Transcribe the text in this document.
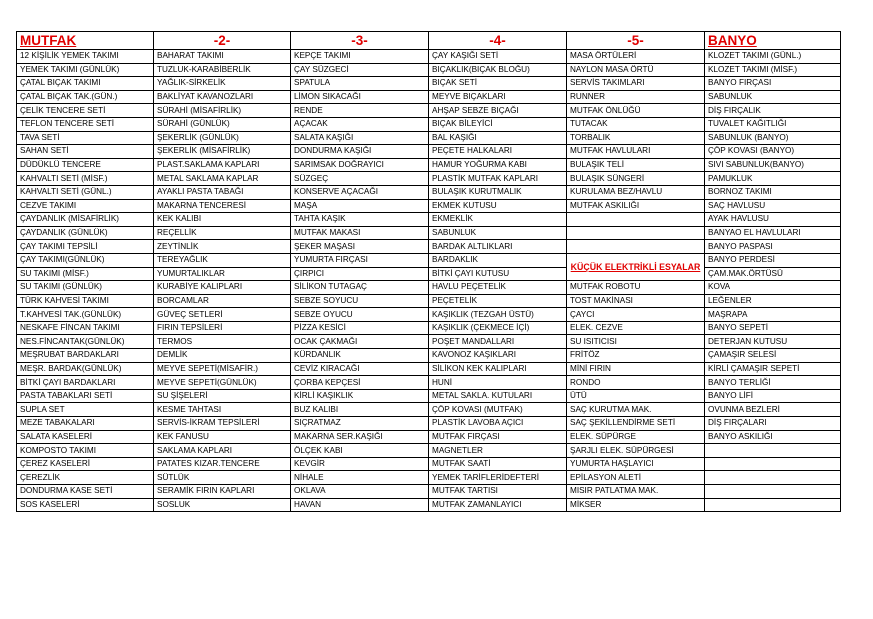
MUTFAK	-2-	-3-	-4-	-5-	BANYO
12 KİŞİLİK YEMEK TAKIMI	BAHARAT TAKIMI	KEPÇE TAKIMI	ÇAY KAŞIĞI SETİ	MASA ÖRTÜLERİ	KLOZET TAKIMI (GÜNL.)
YEMEK TAKIMI (GÜNLÜK)	TUZLUK-KARABİBERLİK	ÇAY SÜZGECİ	BIÇAKLIK(BIÇAK BLOĞU)	NAYLON MASA ÖRTÜ	KLOZET TAKIMI (MİSF.)
ÇATAL BIÇAK TAKIMI	YAĞLIK-SİRKELİK	SPATULA	BIÇAK SETİ	SERVİS TAKIMLARI	BANYO FIRÇASI
ÇATAL BIÇAK TAK.(GÜN.)	BAKLİYAT KAVANOZLARI	LİMON SIKACAĞI	MEYVE BIÇAKLARI	RUNNER	SABUNLUK
ÇELİK TENCERE SETİ	SÜRAHİ (MİSAFİRLİK)	RENDE	AHŞAP SEBZE BIÇAĞI	MUTFAK ÖNLÜĞÜ	DİŞ FIRÇALIK
TEFLON TENCERE SETİ	SÜRAHİ (GÜNLÜK)	AÇACAK	BIÇAK BİLEYİCİ	TUTACAK	TUVALET KAĞITLIĞI
TAVA SETİ	ŞEKERLİK (GÜNLÜK)	SALATA KAŞIĞI	BAL KAŞIĞI	TORBALIK	SABUNLUK (BANYO)
SAHAN SETİ	ŞEKERLİK (MİSAFİRLİK)	DONDURMA KAŞIĞI	PEÇETE HALKALARI	MUTFAK HAVLULARI	ÇÖP KOVASI (BANYO)
DÜDÜKLÜ TENCERE	PLAST.SAKLAMA KAPLARI	SARIMSAK DOĞRAYICI	HAMUR YOĞURMA KABI	BULAŞIK TELİ	SIVI SABUNLUK(BANYO)
KAHVALTI SETİ (MİSF.)	METAL SAKLAMA KAPLAR	SÜZGEÇ	PLASTİK MUTFAK KAPLARI	BULAŞIK SÜNGERİ	PAMUKLUK
KAHVALTI SETİ (GÜNL.)	AYAKLI PASTA TABAĞI	KONSERVE AÇACAĞI	BULAŞIK KURUTMALIK	KURULAMA BEZ/HAVLU	BORNOZ TAKIMI
CEZVE TAKIMI	MAKARNA TENCERESİ	MAŞA	EKMEK KUTUSU	MUTFAK ASKILIĞI	SAÇ HAVLUSU
ÇAYDANLIK (MİSAFİRLİK)	KEK KALIBI	TAHTA KAŞIK	EKMEKLİK		AYAK HAVLUSU
ÇAYDANLIK (GÜNLÜK)	REÇELLİK	MUTFAK MAKASI	SABUNLUK		BANYAO EL HAVLULARI
ÇAY TAKIMI TEPSİLİ	ZEYTİNLİK	ŞEKER MAŞASI	BARDAK ALTLIKLARI		BANYO PASPASI
ÇAY TAKIMI(GÜNLÜK)	TEREYAĞLIK	YUMURTA FIRÇASI	BARDAKLIK	KÜÇÜK ELEKTRİKLİ ESYALAR	BANYO PERDESİ
SU TAKIMI (MİSF.)	YUMURTALIKLAR	ÇIRPICI	BİTKİ ÇAYI KUTUSU		ÇAM.MAK.ÖRTÜSÜ
SU TAKIMI (GÜNLÜK)	KURABİYE KALIPLARI	SİLİKON TUTAGAÇ	HAVLU PEÇETELİK	MUTFAK ROBOTU	KOVA
TÜRK KAHVESİ TAKIMI	BORCAMLAR	SEBZE SOYUCU	PEÇETELİK	TOST MAKİNASI	LEĞENLER
T.KAHVESİ TAK.(GÜNLÜK)	GÜVEÇ SETLERİ	SEBZE OYUCU	KAŞIKLIK (TEZGAH ÜSTÜ)	ÇAYCI	MAŞRAPA
NESKAFE FİNCAN TAKIMI	FIRIN TEPSİLERİ	PİZZA KESİCİ	KAŞIKLIK (ÇEKMECE İÇİ)	ELEK. CEZVE	BANYO SEPETİ
NES.FİNCANTAK(GÜNLÜK)	TERMOS	OCAK ÇAKMAĞI	POŞET MANDALLARI	SU ISITICISI	DETERJAN KUTUSU
MEŞRUBAT BARDAKLARI	DEMLİK	KÜRDANLIK	KAVONOZ KAŞIKLARI	FRİTÖZ	ÇAMAŞIR SELESİ
MEŞR. BARDAK(GÜNLÜK)	MEYVE SEPETİ(MİSAFİR.)	CEVİZ KIRACAĞI	SİLİKON KEK KALIPLARI	MİNİ FIRIN	KİRLİ ÇAMAŞIR SEPETİ
BİTKİ ÇAYI BARDAKLARI	MEYVE SEPETİ(GÜNLÜK)	ÇORBA KEPÇESİ	HUNİ	RONDO	BANYO TERLİĞİ
PASTA TABAKLARI SETİ	SU ŞİŞELERİ	KİRLİ KAŞIKLIK	METAL SAKLA. KUTULARI	ÜTÜ	BANYO LİFİ
SUPLA SET	KESME TAHTASI	BUZ KALIBI	ÇÖP KOVASI (MUTFAK)	SAÇ KURUTMA MAK.	OVUNMA BEZLERİ
MEZE TABAKALARI	SERVİS-İKRAM TEPSİLERİ	SIÇRATMAZ	PLASTİK LAVOBA AÇICI	SAÇ ŞEKİLLENDİRME SETİ	DİŞ FIRÇALARI
SALATA KASELERİ	KEK FANUSU	MAKARNA SER.KAŞIĞI	MUTFAK FIRÇASI	ELEK. SÜPÜRGE	BANYO ASKILIĞI
KOMPOSTO TAKIMI	SAKLAMA KAPLARI	ÖLÇEK KABI	MAGNETLER	ŞARJLI ELEK. SÜPÜRGESİ	
ÇEREZ KASELERİ	PATATES KIZAR.TENCERE	KEVGİR	MUTFAK SAATİ	YUMURTA HAŞLAYICI	
ÇEREZLİK	SÜTLÜK	NİHALE	YEMEK TARİFLERİDEFTERİ	EPİLASYON ALETİ	
DONDURMA KASE SETİ	SERAMİK FIRIN KAPLARI	OKLAVA	MUTFAK TARTISI	MISIR PATLATMA MAK.	
SOS KASELERİ	SOSLUK	HAVAN	MUTFAK ZAMANLAYICI	MİKSER	
